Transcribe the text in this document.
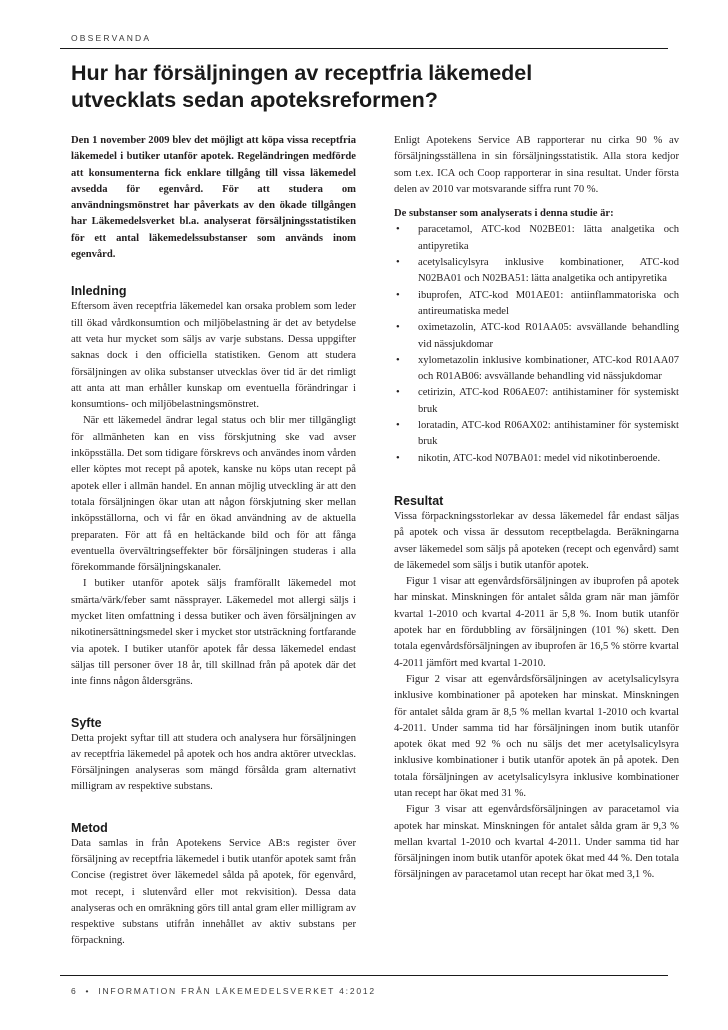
OBSERVANDA
Hur har försäljningen av receptfria läkemedel
utvecklats sedan apoteksreformen?

Den 1 november 2009 blev det möjligt att köpa vissa receptfria läkemedel i butiker utanför apotek. Regeländringen medförde att konsumenterna fick enklare tillgång till vissa läkemedel avsedda för egenvård. För att studera om användningsmönstret har påverkats av den ökade tillgången har Läkemedelsverket bl.a. analyserat försäljningsstatistiken för ett antal läkemedelssubstanser som används inom egenvård.

Inledning

Eftersom även receptfria läkemedel kan orsaka problem som leder till ökad vårdkonsumtion och miljöbelastning är det av betydelse att veta hur mycket som säljs av varje substans. Dessa uppgifter saknas dock i den officiella statistiken. Genom att studera försäljningen av olika substanser utvecklas över tid är det rimligt att anta att man erhåller kunskap om eventuella förändringar i konsumtions- och miljöbelastningsmönstret.

När ett läkemedel ändrar legal status och blir mer tillgängligt för allmänheten kan en viss förskjutning ske vad avser inköpsställa. Det som tidigare förskrevs och användes inom vården eller köptes mot recept på apotek, kanske nu köps utan recept på apotek eller i allmän handel. En annan möjlig utveckling är att den totala försäljningen ökar utan att någon förskjutning sker mellan inköpsställorna, och vi får en ökad användning av de aktuella preparaten. För att få en heltäckande bild och för att fånga eventuella övervältringseffekter bör försäljningen studeras i alla förekommande försäljningskanaler.

I butiker utanför apotek säljs framförallt läkemedel mot smärta/värk/feber samt nässprayer. Läkemedel mot allergi säljs i mycket liten omfattning i dessa butiker och även försäljningen av nikotinersättningsmedel sker i mycket stor utsträckning fortfarande via apotek. I butiker utanför apotek får dessa läkemedel endast säljas till personer över 18 år, till skillnad från på apotek där det inte finns någon åldersgräns.

Syfte

Detta projekt syftar till att studera och analysera hur försäljningen av receptfria läkemedel på apotek och hos andra aktörer utvecklas. Försäljningen analyseras som mängd försålda gram alternativt milligram av respektive substans.

Metod

Data samlas in från Apotekens Service AB:s register över försäljning av receptfria läkemedel i butik utanför apotek samt från Concise (registret över läkemedel sålda på apotek, för egenvård, mot recept, i slutenvård eller mot rekvisition). Dessa data analyseras och en omräkning görs till antal gram eller milligram av respektive substans utifrån innehållet av aktiv substans per förpackning.

Enligt Apotekens Service AB rapporterar nu cirka 90 % av försäljningsställena in sin försäljningsstatistik. Alla stora kedjor som t.ex. ICA och Coop rapporterar in sina resultat. Under första delen av 2010 var motsvarande siffra runt 70 %.

De substanser som analyserats i denna studie är:

• paracetamol, ATC-kod N02BE01: lätta analgetika och antipyretika
• acetylsalicylsyra inklusive kombinationer, ATC-kod N02BA01 och N02BA51: lätta analgetika och antipyretika
• ibuprofen, ATC-kod M01AE01: antiinflammatoriska och antireumatiska medel
• oximetazolin, ATC-kod R01AA05: avsvällande behandling vid nässjukdomar
• xylometazolin inklusive kombinationer, ATC-kod R01AA07 och R01AB06: avsvällande behandling vid nässjukdomar
• cetirizin, ATC-kod R06AE07: antihistaminer för systemiskt bruk
• loratadin, ATC-kod R06AX02: antihistaminer för systemiskt bruk
• nikotin, ATC-kod N07BA01: medel vid nikotinberoende.
Resultat

Vissa förpackningsstorlekar av dessa läkemedel får endast säljas på apotek och vissa är dessutom receptbelagda. Beräkningarna avser läkemedel som säljs på apoteken (recept och egenvård) samt de läkemedel som säljs i butik utanför apotek.

Figur 1 visar att egenvårdsförsäljningen av ibuprofen på apotek har minskat. Minskningen för antalet sålda gram när man jämför kvartal 1-2010 och kvartal 4-2011 är 5,8 %. Inom butik utanför apotek har en fördubbling av försäljningen (101 %) skett. Den totala egenvårdsförsäljningen av ibuprofen är 16,5 % större kvartal 4-2011 jämfört med kvartal 1-2010.

Figur 2 visar att egenvårdsförsäljningen av acetylsalicylsyra inklusive kombinationer på apoteken har minskat. Minskningen för antalet sålda gram är 8,5 % mellan kvartal 1-2010 och kvartal 4-2011. Under samma tid har försäljningen inom butik utanför apotek ökat med 92 % och nu säljs det mer acetylsalicylsyra inklusive kombinationer i butik utanför apotek än på apotek. Den totala försäljningen av acetylsalicylsyra inklusive kombinationer utan recept har ökat med 31 %.

Figur 3 visar att egenvårdsförsäljningen av paracetamol via apotek har minskat. Minskningen för antalet sålda gram är 9,3 % mellan kvartal 1-2010 och kvartal 4-2011. Under samma tid har försäljningen inom butik utanför apotek ökat med 44 %. Den totala försäljningen av paracetamol utan recept har ökat med 3,1 %.

6 • INFORMATION FRÅN LÄKEMEDELSVERKET 4:2012
